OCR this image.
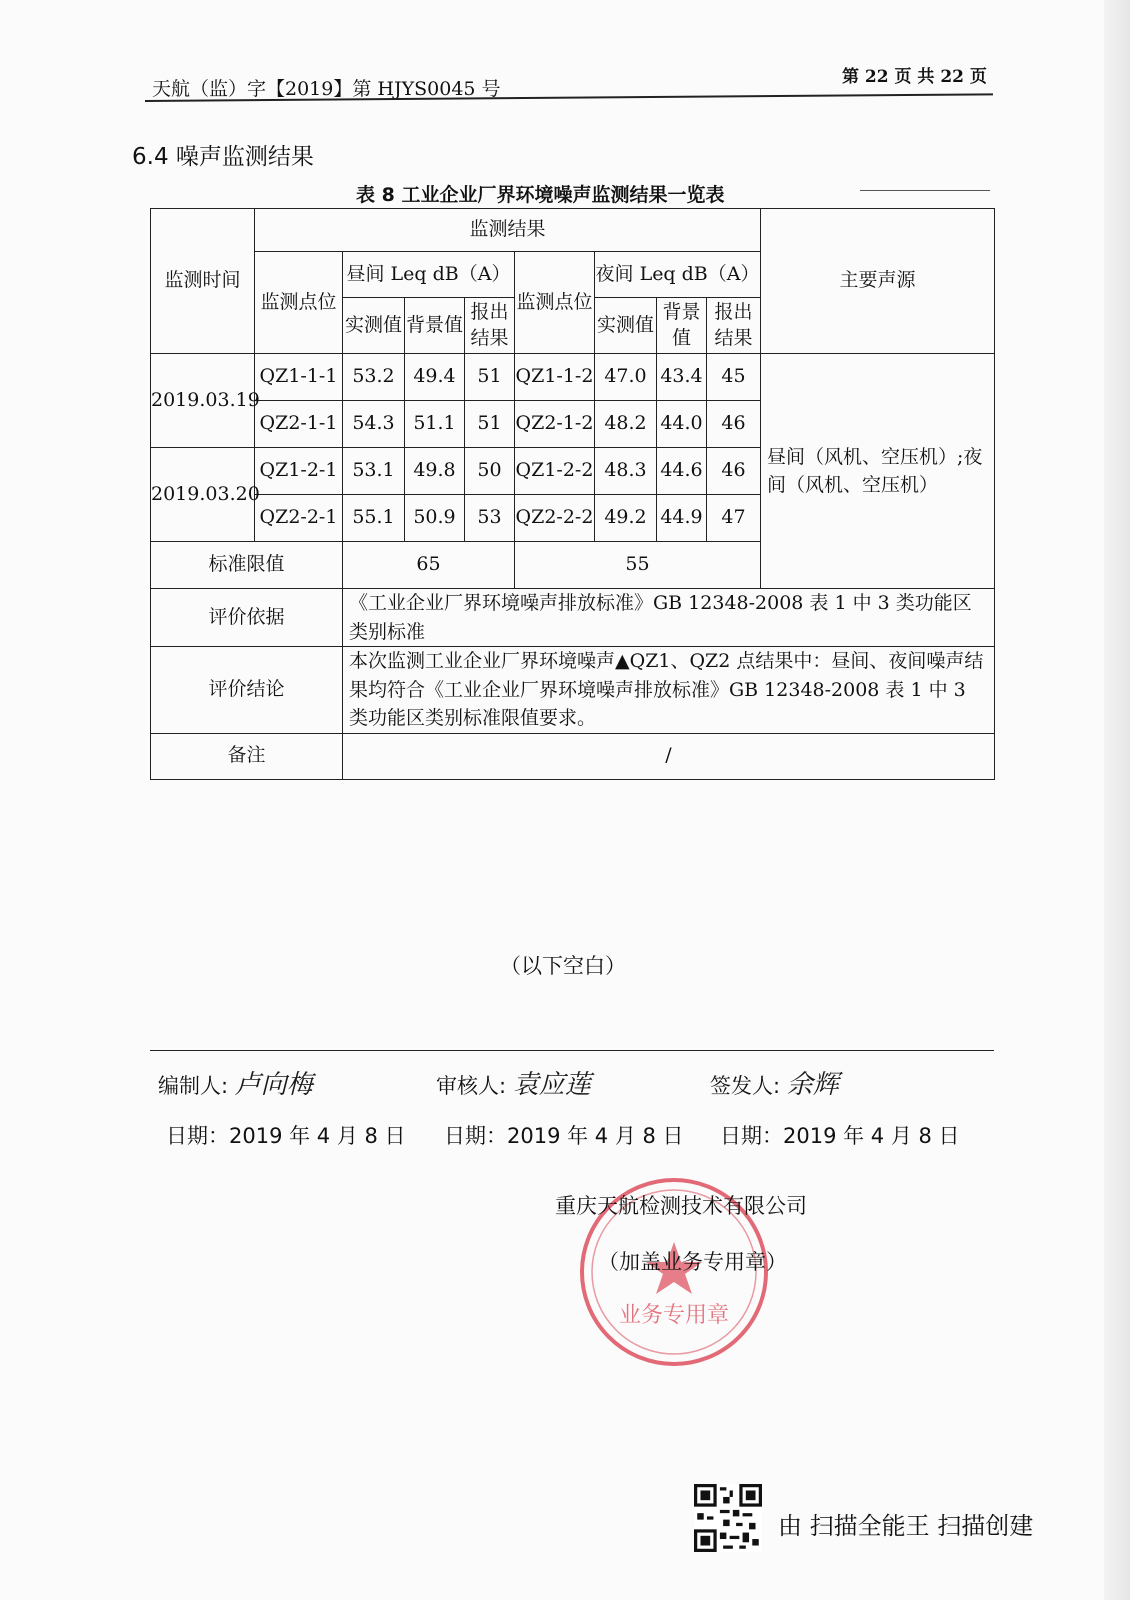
天航（监）字【2019】第 HJYS0045 号
第 22 页 共 22 页
6.4 噪声监测结果
表 8 工业企业厂界环境噪声监测结果一览表
监测时间	监测结果								主要声源
	监测点位	昼间 Leq dB（A）			监测点位	夜间 Leq dB（A）			
		实测值	背景值	报出结果		实测值	背景值	报出结果	
2019.03.19	QZ1-1-1	53.2	49.4	51	QZ1-1-2	47.0	43.4	45	昼间（风机、空压机）;夜间（风机、空压机）
	QZ2-1-1	54.3	51.1	51	QZ2-1-2	48.2	44.0	46	
2019.03.20	QZ1-2-1	53.1	49.8	50	QZ1-2-2	48.3	44.6	46	
	QZ2-2-1	55.1	50.9	53	QZ2-2-2	49.2	44.9	47	
标准限值		65			55				
评价依据		《工业企业厂界环境噪声排放标准》GB 12348-2008 表 1 中 3 类功能区类别标准							
评价结论		本次监测工业企业厂界环境噪声▲QZ1、QZ2 点结果中：昼间、夜间噪声结果均符合《工业企业厂界环境噪声排放标准》GB 12348-2008 表 1 中 3 类功能区类别标准限值要求。							
备注		/							
（以下空白）
编制人: 卢向梅	审核人: 袁应莲	签发人: 余辉
日期：2019 年 4 月 8 日 日期：2019 年 4 月 8 日 日期：2019 年 4 月 8 日
业务专用章
重庆天航检测技术有限公司
（加盖业务专用章）
由 扫描全能王 扫描创建
